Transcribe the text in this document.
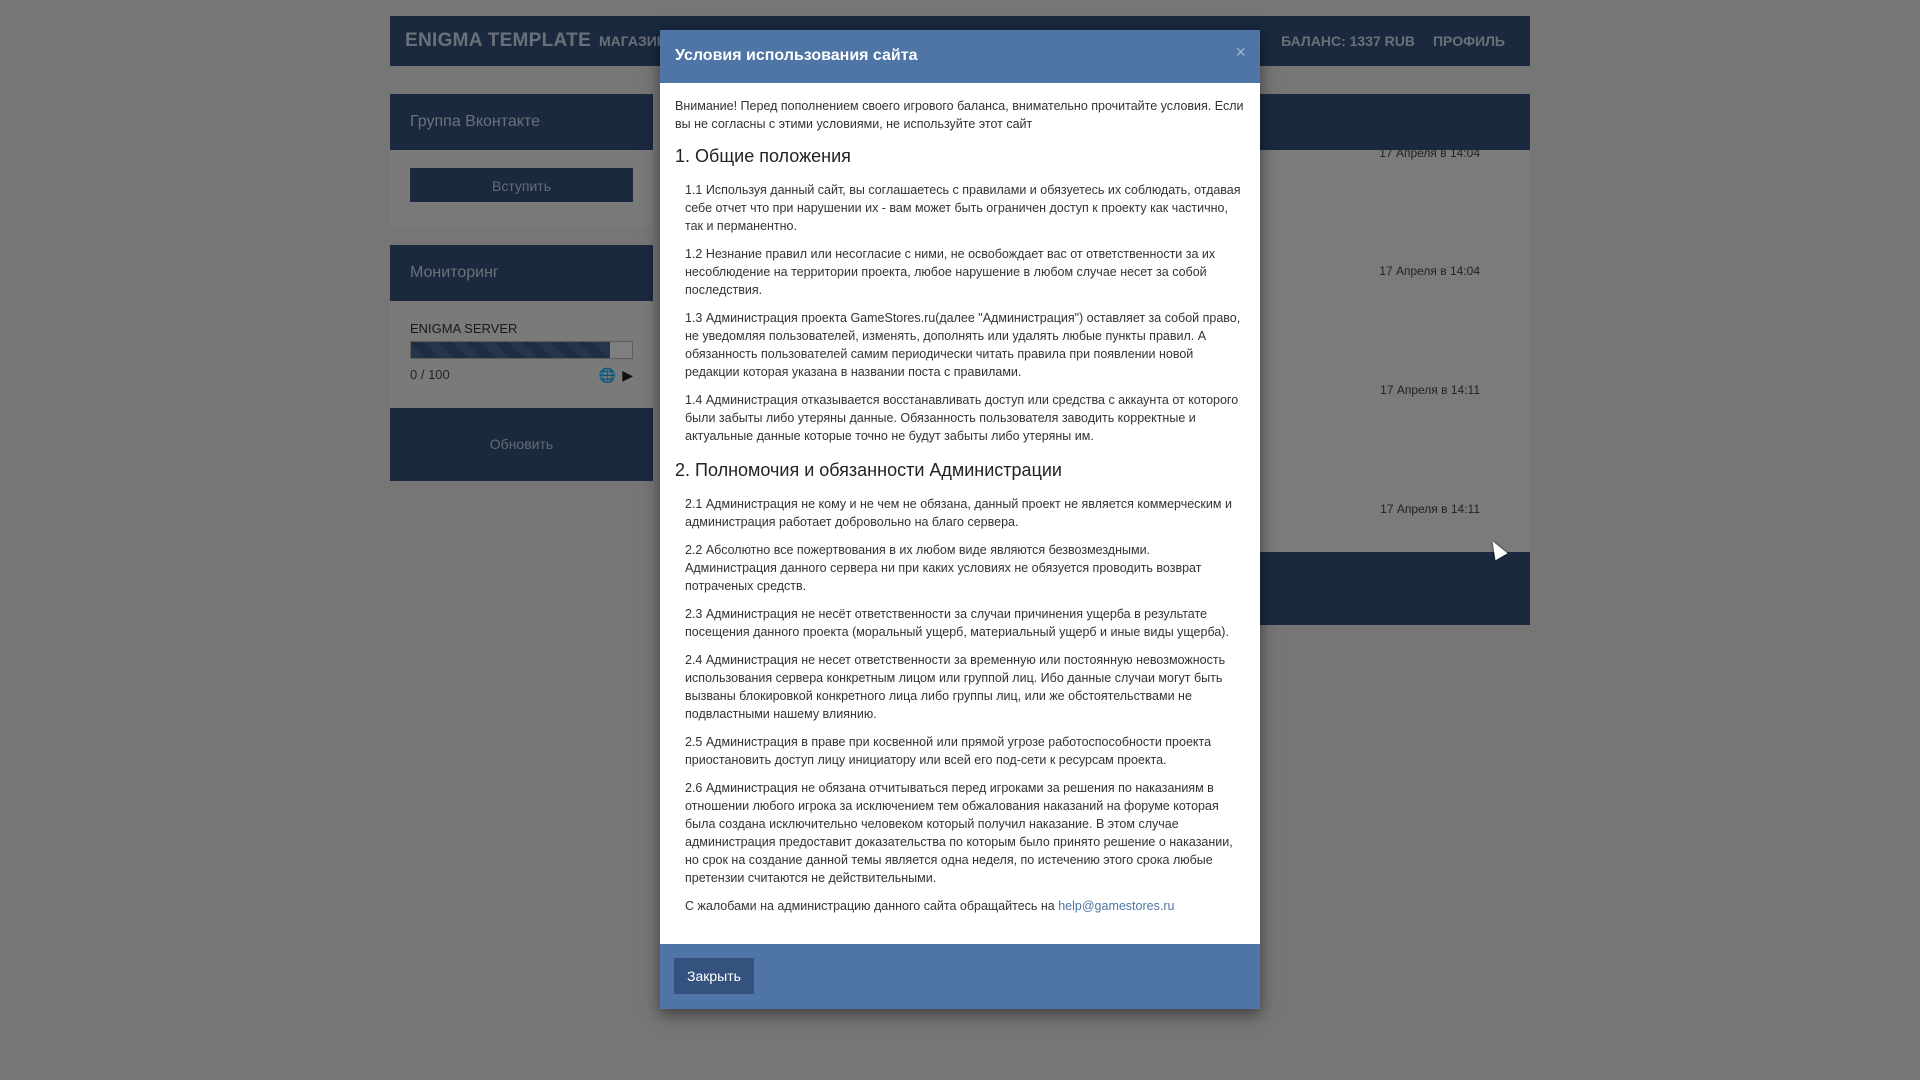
Условия использования сайта	×

Внимание! Перед пополнением своего игрового баланса, внимательно прочитайте условия. Если вы не согласны с этими условиями, не используйте этот сайт

1. Общие положения

1.1 Используя данный сайт, вы соглашаетесь с правилами и обязуетесь их соблюдать, отдавая себе отчет что при нарушении их - вам может быть ограничен доступ к проекту как частично, так и перманентно.

1.2 Незнание правил или несогласие с ними, не освобождает вас от ответственности за их несоблюдение на территории проекта, любое нарушение в любом случае несет за собой последствия.

1.3 Администрация проекта GameStores.ru(далее "Администрация") оставляет за собой право, не уведомляя пользователей, изменять, дополнять или удалять любые пункты правил. А обязанность пользователей самим периодически читать правила при появлении новой редакции которая указана в названии поста с правилами.

1.4 Администрация отказывается восстанавливать доступ или средства с аккаунта от которого были забыты либо утеряны данные. Обязанность пользователя заводить корректные и актуальные данные которые точно не будут забыты либо утеряны им.

2. Полномочия и обязанности Администрации

2.1 Администрация не кому и не чем не обязана, данный проект не является коммерческим и администрация работает добровольно на благо сервера.

2.2 Абсолютно все пожертвования в их любом виде являются безвозмездными. Администрация данного сервера ни при каких условиях не обязуется проводить возврат потраченых средств.

2.3 Администрация не несёт ответственности за случаи причинения ущерба в результате посещения данного проекта (моральный ущерб, материальный ущерб и иные виды ущерба).

2.4 Администрация не несет ответственности за временную или постоянную невозможность использования сервера конкретным лицом или группой лиц. Ибо данные случаи могут быть вызваны блокировкой конкретного лица либо группы лиц, или же обстоятельствами не подвластными нашему влиянию.

2.5 Администрация в праве при косвенной или прямой угрозе работоспособности проекта приостановить доступ лицу инициатору или всей его под-сети к ресурсам проекта.

2.6 Администрация не обязана отчитываться перед игроками за решения по наказаниям в отношении любого игрока за исключением тем обжалования наказаний на форуме которая была создана исключительно человеком который получил наказание. В этом случае администрация предоставит доказательства по которым было принято решение о наказании, но срок на создание данной темы является одна неделя, по истечению этого срока любые претензии считаются не действительными.

С жалобами на администрацию данного сайта обращайтесь на help@gamestores.ru

Закрыть
